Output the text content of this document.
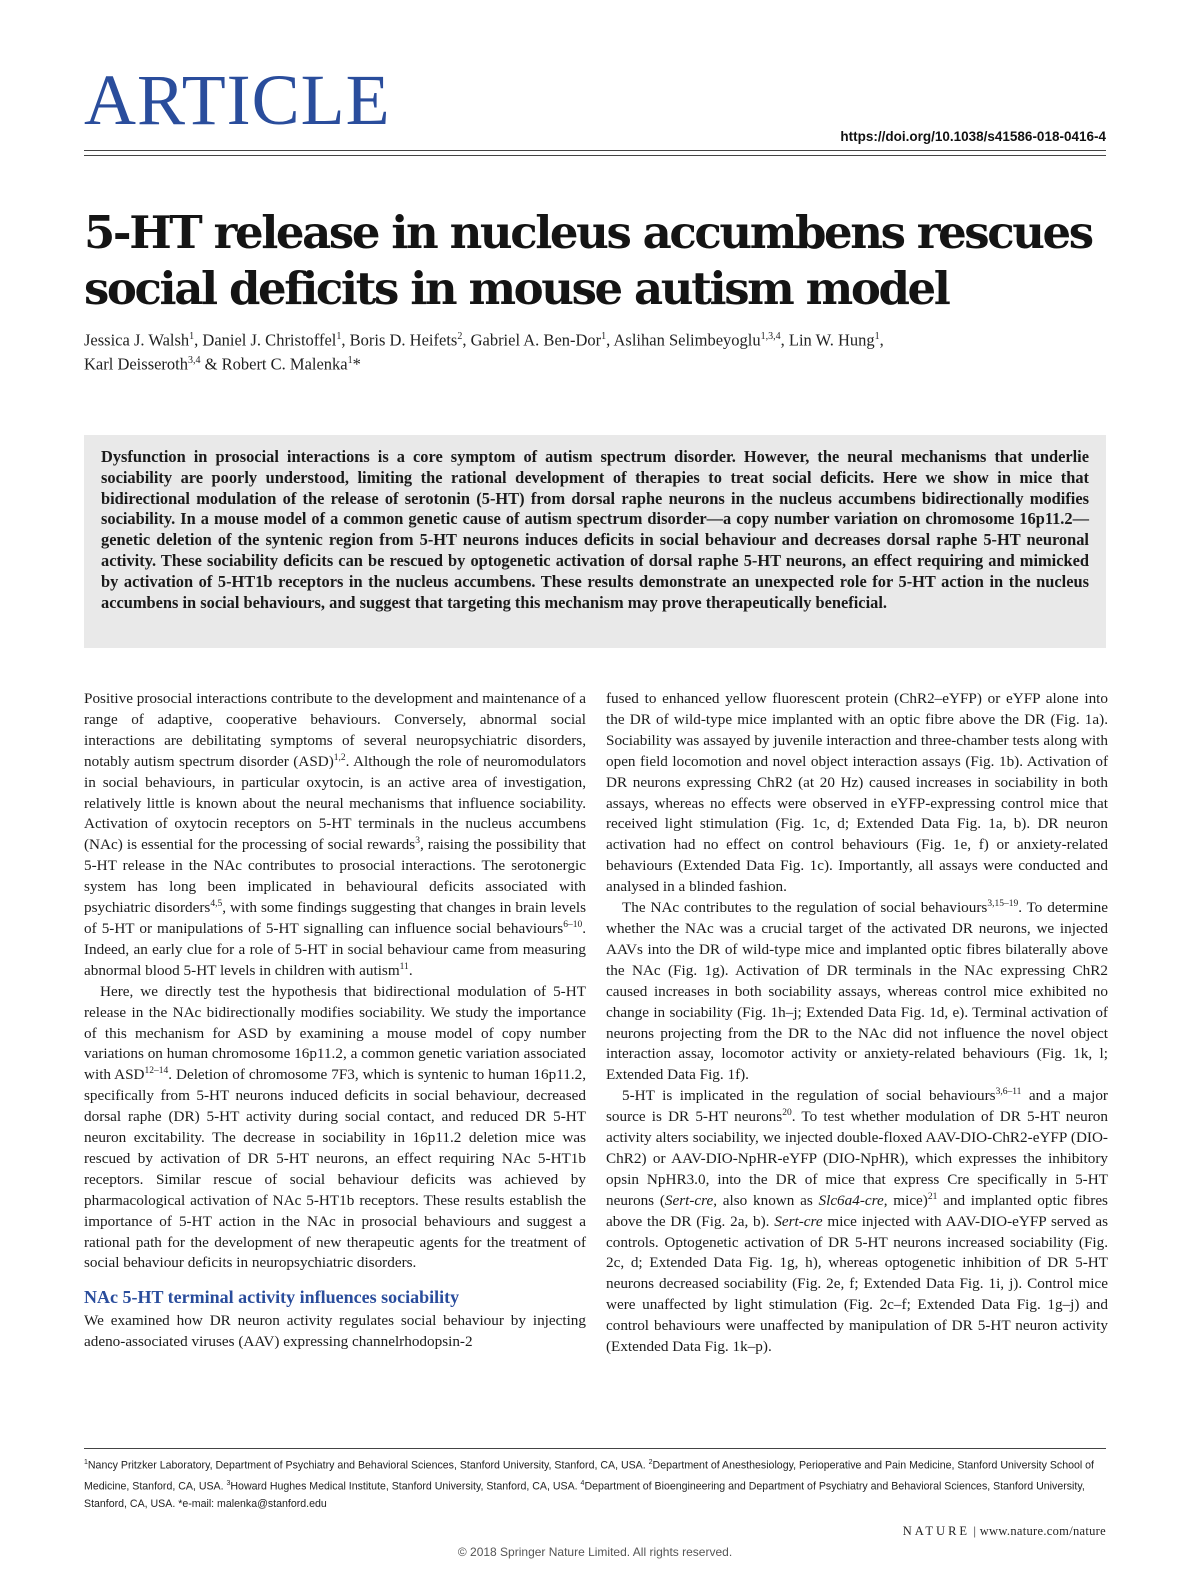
ARTICLE	https://doi.org/10.1038/s41586-018-0416-4
5-HT release in nucleus accumbens rescues social deficits in mouse autism model
Jessica J. Walsh$^1$, Daniel J. Christoffel$^1$, Boris D. Heifets$^2$, Gabriel A. Ben-Dor$^1$, Aslihan Selimbeyoglu$^{1,3,4}$, Lin W. Hung$^1$,
Karl Deisseroth$^{3,4}$ & Robert C. Malenka$^1$*

Dysfunction in prosocial interactions is a core symptom of autism spectrum disorder. However, the neural mechanisms that underlie sociability are poorly understood, limiting the rational development of therapies to treat social deficits. Here we show in mice that bidirectional modulation of the release of serotonin (5-HT) from dorsal raphe neurons in the nucleus accumbens bidirectionally modifies sociability. In a mouse model of a common genetic cause of autism spectrum disorder—a copy number variation on chromosome 16p11.2—genetic deletion of the syntenic region from 5-HT neurons induces deficits in social behaviour and decreases dorsal raphe 5-HT neuronal activity. These sociability deficits can be rescued by optogenetic activation of dorsal raphe 5-HT neurons, an effect requiring and mimicked by activation of 5-HT1b receptors in the nucleus accumbens. These results demonstrate an unexpected role for 5-HT action in the nucleus accumbens in social behaviours, and suggest that targeting this mechanism may prove therapeutically beneficial.

Positive prosocial interactions contribute to the development and maintenance of a range of adaptive, cooperative behaviours. Conversely, abnormal social interactions are debilitating symptoms of several neuropsychiatric disorders, notably autism spectrum disorder (ASD)$^{1,2}$. Although the role of neuromodulators in social behaviours, in particular oxytocin, is an active area of investigation, relatively little is known about the neural mechanisms that influence sociability. Activation of oxytocin receptors on 5-HT terminals in the nucleus accumbens (NAc) is essential for the processing of social rewards$^3$, raising the possibility that 5-HT release in the NAc contributes to prosocial interactions. The serotonergic system has long been implicated in behavioural deficits associated with psychiatric disorders$^{4,5}$, with some findings suggesting that changes in brain levels of 5-HT or manipulations of 5-HT signalling can influence social behaviours$^{6-10}$. Indeed, an early clue for a role of 5-HT in social behaviour came from measuring abnormal blood 5-HT levels in children with autism$^{11}$.

Here, we directly test the hypothesis that bidirectional modulation of 5-HT release in the NAc bidirectionally modifies sociability. We study the importance of this mechanism for ASD by examining a mouse model of copy number variations on human chromosome 16p11.2, a common genetic variation associated with ASD$^{12-14}$. Deletion of chromosome 7F3, which is syntenic to human 16p11.2, specifically from 5-HT neurons induced deficits in social behaviour, decreased dorsal raphe (DR) 5-HT activity during social contact, and reduced DR 5-HT neuron excitability. The decrease in sociability in 16p11.2 deletion mice was rescued by activation of DR 5-HT neurons, an effect requiring NAc 5-HT1b receptors. Similar rescue of social behaviour deficits was achieved by pharmacological activation of NAc 5-HT1b receptors. These results establish the importance of 5-HT action in the NAc in prosocial behaviours and suggest a rational path for the development of new therapeutic agents for the treatment of social behaviour deficits in neuropsychiatric disorders.

NAc 5-HT terminal activity influences sociability

We examined how DR neuron activity regulates social behaviour by injecting adeno-associated viruses (AAV) expressing channelrhodopsin-2

fused to enhanced yellow fluorescent protein (ChR2–eYFP) or eYFP alone into the DR of wild-type mice implanted with an optic fibre above the DR (Fig. 1a). Sociability was assayed by juvenile interaction and three-chamber tests along with open field locomotion and novel object interaction assays (Fig. 1b). Activation of DR neurons expressing ChR2 (at 20 Hz) caused increases in sociability in both assays, whereas no effects were observed in eYFP-expressing control mice that received light stimulation (Fig. 1c, d; Extended Data Fig. 1a, b). DR neuron activation had no effect on control behaviours (Fig. 1e, f) or anxiety-related behaviours (Extended Data Fig. 1c). Importantly, all assays were conducted and analysed in a blinded fashion.

The NAc contributes to the regulation of social behaviours$^{3,15-19}$. To determine whether the NAc was a crucial target of the activated DR neurons, we injected AAVs into the DR of wild-type mice and implanted optic fibres bilaterally above the NAc (Fig. 1g). Activation of DR terminals in the NAc expressing ChR2 caused increases in both sociability assays, whereas control mice exhibited no change in sociability (Fig. 1h–j; Extended Data Fig. 1d, e). Terminal activation of neurons projecting from the DR to the NAc did not influence the novel object interaction assay, locomotor activity or anxiety-related behaviours (Fig. 1k, l; Extended Data Fig. 1f).

5-HT is implicated in the regulation of social behaviours$^{3,6-11}$ and a major source is DR 5-HT neurons$^{20}$. To test whether modulation of DR 5-HT neuron activity alters sociability, we injected double-floxed AAV-DIO-ChR2-eYFP (DIO-ChR2) or AAV-DIO-NpHR-eYFP (DIO-NpHR), which expresses the inhibitory opsin NpHR3.0, into the DR of mice that express Cre specifically in 5-HT neurons (Sert-cre, also known as Slc6a4-cre, mice)$^{21}$ and implanted optic fibres above the DR (Fig. 2a, b). Sert-cre mice injected with AAV-DIO-eYFP served as controls. Optogenetic activation of DR 5-HT neurons increased sociability (Fig. 2c, d; Extended Data Fig. 1g, h), whereas optogenetic inhibition of DR 5-HT neurons decreased sociability (Fig. 2e, f; Extended Data Fig. 1i, j). Control mice were unaffected by light stimulation (Fig. 2c–f; Extended Data Fig. 1g–j) and control behaviours were unaffected by manipulation of DR 5-HT neuron activity (Extended Data Fig. 1k–p).

$^1$Nancy Pritzker Laboratory, Department of Psychiatry and Behavioral Sciences, Stanford University, Stanford, CA, USA. $^2$Department of Anesthesiology, Perioperative and Pain Medicine, Stanford University School of Medicine, Stanford, CA, USA. $^3$Howard Hughes Medical Institute, Stanford University, Stanford, CA, USA. $^4$Department of Bioengineering and Department of Psychiatry and Behavioral Sciences, Stanford University, Stanford, CA, USA. *e-mail: malenka@stanford.edu
NATURE | www.nature.com/nature
© 2018 Springer Nature Limited. All rights reserved.
